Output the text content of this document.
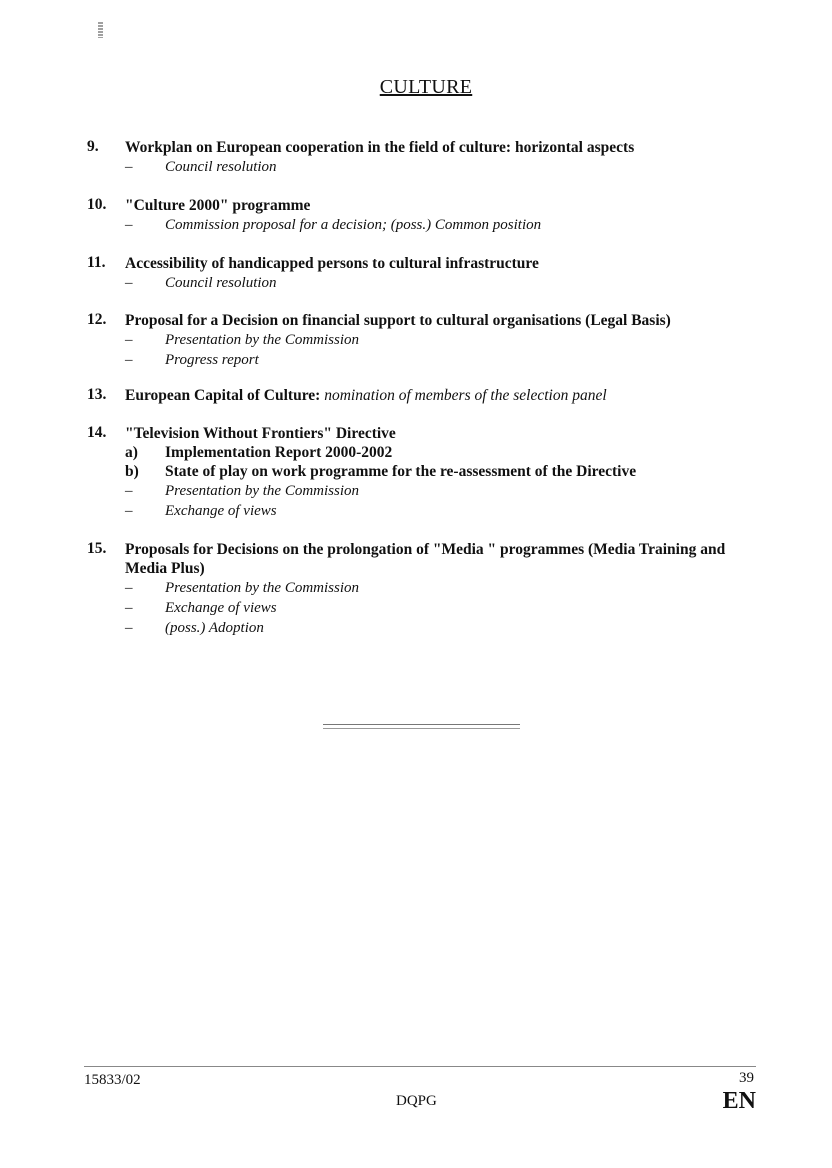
CULTURE
9. Workplan on European cooperation in the field of culture: horizontal aspects
– Council resolution
10. "Culture 2000" programme
– Commission proposal for a decision; (poss.) Common position
11. Accessibility of handicapped persons to cultural infrastructure
– Council resolution
12. Proposal for a Decision on financial support to cultural organisations (Legal Basis)
– Presentation by the Commission
– Progress report
13. European Capital of Culture: nomination of members of the selection panel
14. "Television Without Frontiers" Directive
a) Implementation Report 2000-2002
b) State of play on work programme for the re-assessment of the Directive
– Presentation by the Commission
– Exchange of views
15. Proposals for Decisions on the prolongation of "Media " programmes (Media Training and Media Plus)
– Presentation by the Commission
– Exchange of views
– (poss.) Adoption
15833/02
DQPG
39
EN
